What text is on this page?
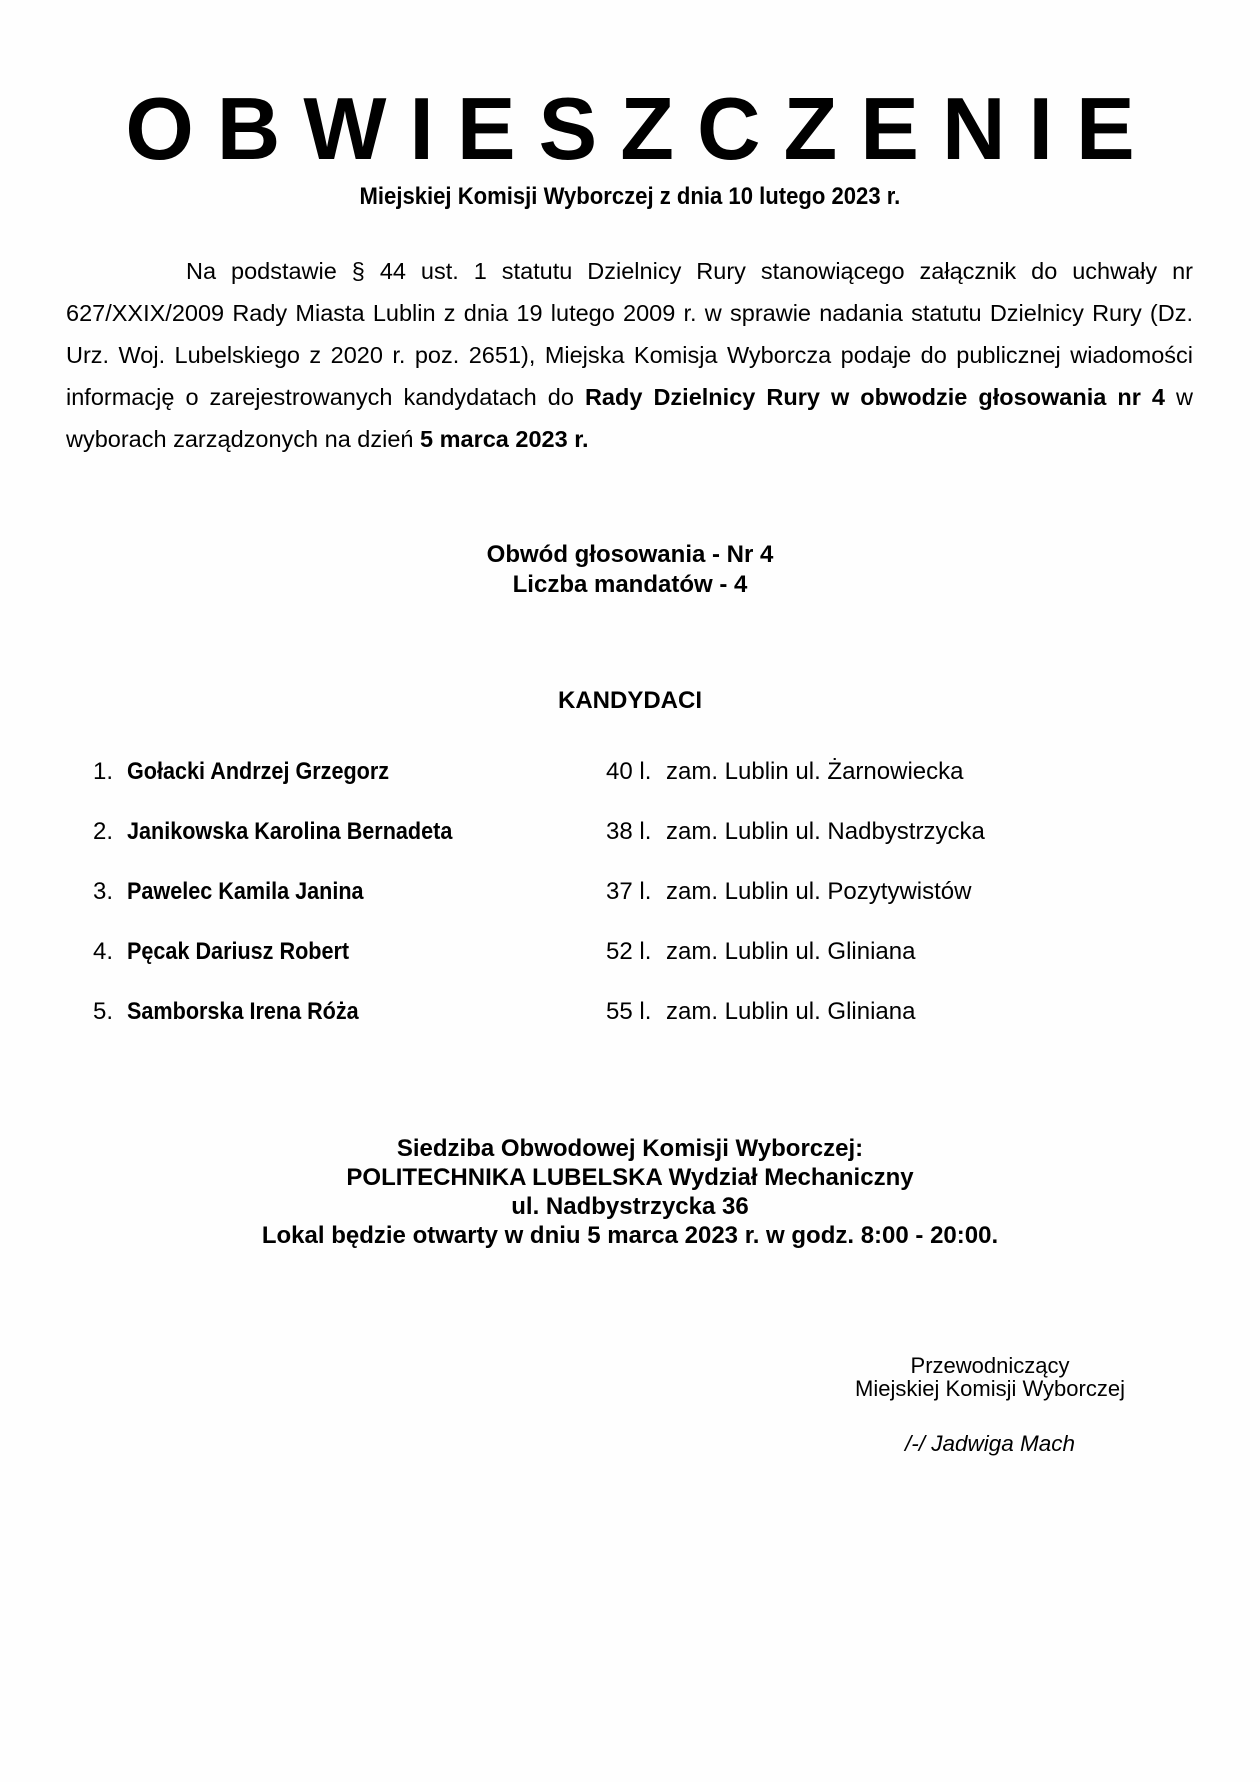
OBWIESZCZENIE

Miejskiej Komisji Wyborczej z dnia 10 lutego 2023 r.

Na podstawie § 44 ust. 1 statutu Dzielnicy Rury stanowiącego załącznik do uchwały nr 627/XXIX/2009 Rady Miasta Lublin z dnia 19 lutego 2009 r. w sprawie nadania statutu Dzielnicy Rury (Dz. Urz. Woj. Lubelskiego z 2020 r. poz. 2651), Miejska Komisja Wyborcza podaje do publicznej wiadomości informację o zarejestrowanych kandydatach do Rady Dzielnicy Rury w obwodzie głosowania nr 4 w wyborach zarządzonych na dzień 5 marca 2023 r.

Obwód głosowania - Nr 4
Liczba mandatów - 4
KANDYDACI
1. Gołacki Andrzej Grzegorz	40 l. zam. Lublin ul. Żarnowiecka
2. Janikowska Karolina Bernadeta	38 l. zam. Lublin ul. Nadbystrzycka
3. Pawelec Kamila Janina	37 l. zam. Lublin ul. Pozytywistów
4. Pęcak Dariusz Robert	52 l. zam. Lublin ul. Gliniana
5. Samborska Irena Róża	55 l. zam. Lublin ul. Gliniana
Siedziba Obwodowej Komisji Wyborczej:
POLITECHNIKA LUBELSKA Wydział Mechaniczny
ul. Nadbystrzycka 36
Lokal będzie otwarty w dniu 5 marca 2023 r. w godz. 8:00 - 20:00.
Przewodniczący
Miejskiej Komisji Wyborczej
/-/ Jadwiga Mach
